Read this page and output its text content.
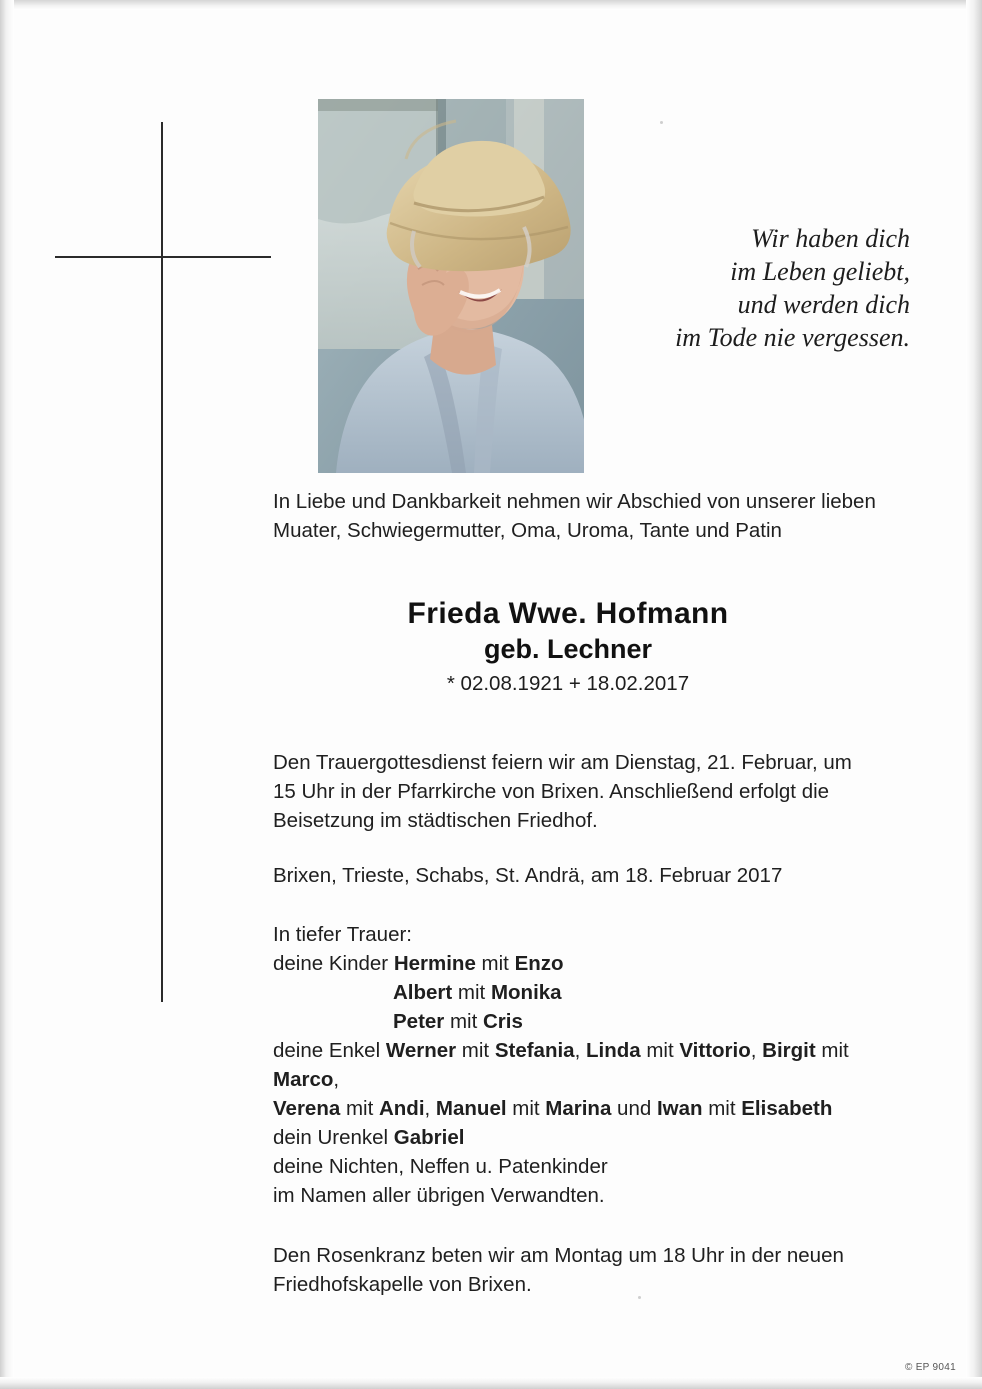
Wir haben dich
im Leben geliebt,
und werden dich
im Tode nie vergessen.
In Liebe und Dankbarkeit nehmen wir Abschied von unserer lieben
Muater, Schwiegermutter, Oma, Uroma, Tante und Patin
Frieda Wwe. Hofmann
geb. Lechner
* 02.08.1921 + 18.02.2017
Den Trauergottesdienst feiern wir am Dienstag, 21. Februar, um
15 Uhr in der Pfarrkirche von Brixen. Anschließend erfolgt die
Beisetzung im städtischen Friedhof.
Brixen, Trieste, Schabs, St. Andrä, am 18. Februar 2017
In tiefer Trauer:
deine Kinder Hermine mit Enzo
Albert mit Monika
Peter mit Cris
deine Enkel Werner mit Stefania, Linda mit Vittorio, Birgit mit Marco,
Verena mit Andi, Manuel mit Marina und Iwan mit Elisabeth
dein Urenkel Gabriel
deine Nichten, Neffen u. Patenkinder
im Namen aller übrigen Verwandten.
Den Rosenkranz beten wir am Montag um 18 Uhr in der neuen
Friedhofskapelle von Brixen.
© EP 9041
